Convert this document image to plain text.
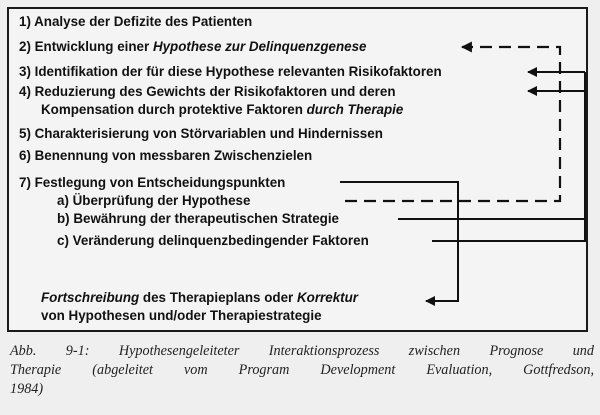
1) Analyse der Defizite des Patienten
2) Entwicklung einer Hypothese zur Delinquenzgenese
3) Identifikation der für diese Hypothese relevanten Risikofaktoren
4) Reduzierung des Gewichts der Risikofaktoren und deren
Kompensation durch protektive Faktoren durch Therapie
5) Charakterisierung von Störvariablen und Hindernissen
6) Benennung von messbaren Zwischenzielen
7) Festlegung von Entscheidungspunkten
a) Überprüfung der Hypothese
b) Bewährung der therapeutischen Strategie
c) Veränderung delinquenzbedingender Faktoren
Fortschreibung des Therapieplans oder Korrektur
von Hypothesen und/oder Therapiestrategie
Abb. 9-1: Hypothesengeleiteter Interaktionsprozess zwischen Prognose und
Therapie (abgeleitet vom Program Development Evaluation, Gottfredson,
1984)
